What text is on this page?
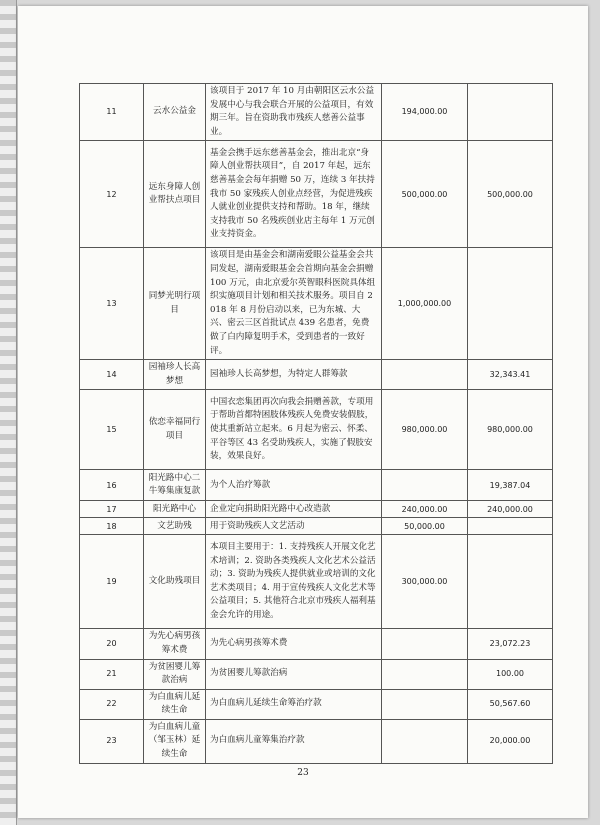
11	云水公益金	该项目于 2017 年 10 月由朝阳区云水公益发展中心与我会联合开展的公益项目，有效期三年。旨在资助我市残疾人慈善公益事业。	194,000.00	
12	远东身障人创业帮扶点项目	基金会携手远东慈善基金会，推出北京“身障人创业帮扶项目”，自 2017 年起，远东慈善基金会每年捐赠 50 万，连续 3 年扶持我市 50 家残疾人创业点经营，为促进残疾人就业创业提供支持和帮助。18 年，继续支持我市 50 名残疾创业店主每年 1 万元创业支持资金。	500,000.00	500,000.00
13	同梦光明行项目	该项目是由基金会和湖南爱眼公益基金会共同发起，湖南爱眼基金会首期向基金会捐赠 100 万元，由北京爱尔英智眼科医院具体组织实施项目计划和相关技术服务。项目自 2018 年 8 月份启动以来，已为东城、大兴、密云三区首批试点 439 名患者，免费做了白内障复明手术，受到患者的一致好评。	1,000,000.00	
14	园袖珍人长高梦想	园袖珍人长高梦想，为特定人群筹款		32,343.41
15	依恋幸福同行项目	中国衣恋集团再次向我会捐赠善款，专项用于帮助首都特困肢体残疾人免费安装假肢，使其重新站立起来。6 月起为密云、怀柔、平谷等区 43 名受助残疾人，实施了假肢安装，效果良好。	980,000.00	980,000.00
16	阳光路中心二牛筹集康复款	为个人治疗筹款		19,387.04
17	阳光路中心	企业定向捐助阳光路中心改造款	240,000.00	240,000.00
18	文艺助残	用于资助残疾人文艺活动	50,000.00	
19	文化助残项目	本项目主要用于：1. 支持残疾人开展文化艺术培训；2. 资助各类残疾人文化艺术公益活动；3. 资助为残疾人提供就业或培训的文化艺术类项目；4. 用于宣传残疾人文化艺术等公益项目；5. 其他符合北京市残疾人福利基金会允许的用途。	300,000.00	
20	为先心病男孩筹术费	为先心病男孩筹术费		23,072.23
21	为贫困婴儿筹款治病	为贫困婴儿筹款治病		100.00
22	为白血病儿延续生命	为白血病儿延续生命筹治疗款		50,567.60
23	为白血病儿童（邹玉林）延续生命	为白血病儿童筹集治疗款		20,000.00
23
